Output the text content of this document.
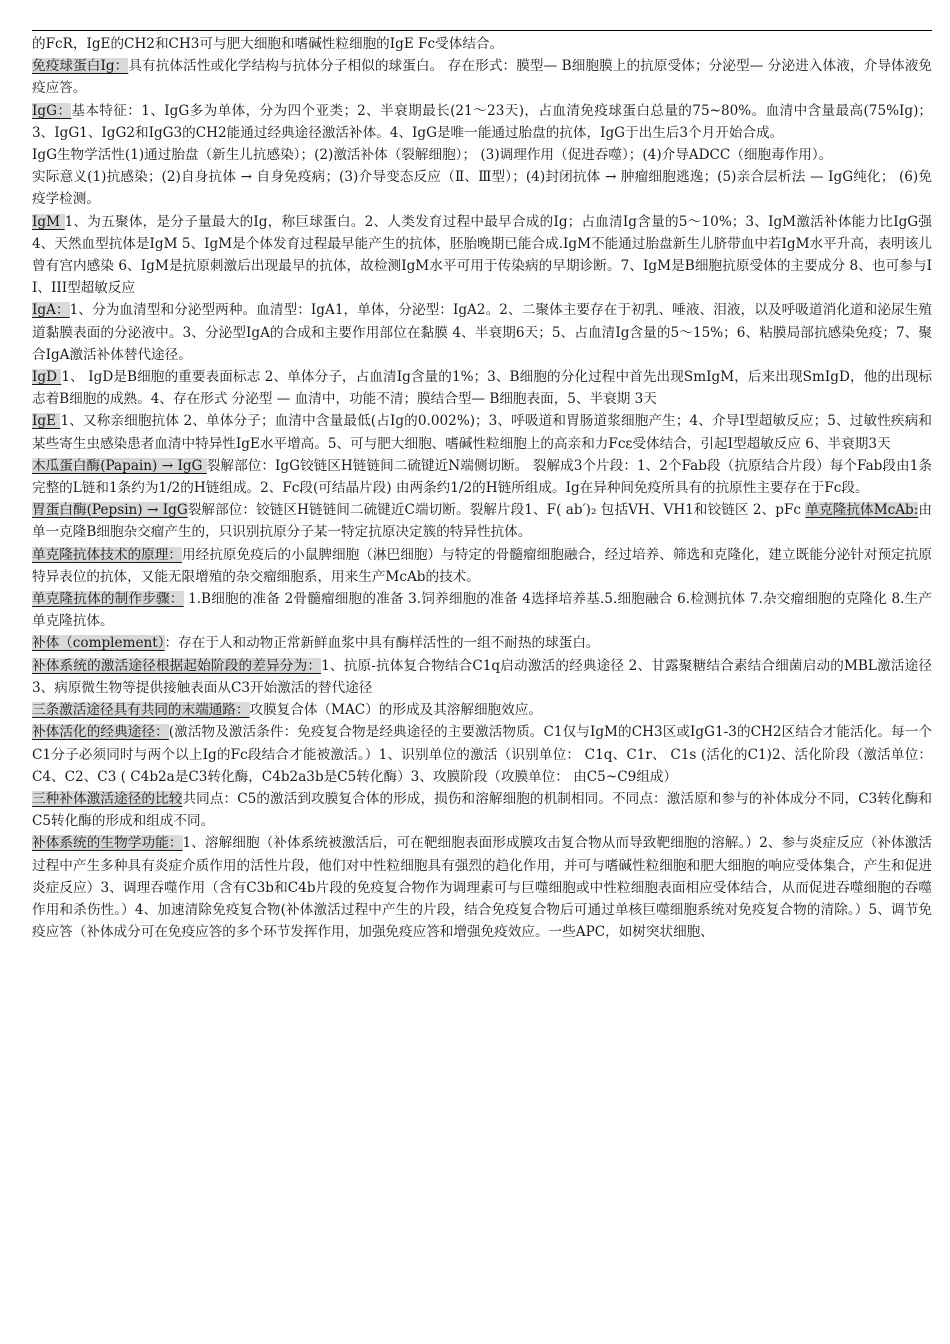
的FcR，IgE的CH2和CH3可与肥大细胞和嗜碱性粒细胞的IgE Fc受体结合。

免疫球蛋白Ig：具有抗体活性或化学结构与抗体分子相似的球蛋白。 存在形式：膜型— B细胞膜上的抗原受体；分泌型— 分泌进入体液，介导体液免疫应答。

IgG：基本特征：1、IgG多为单体，分为四个亚类；2、半衰期最长(21～23天)，占血清免疫球蛋白总量的75~80%。血清中含量最高(75%Ig)；3、IgG1、IgG2和IgG3的CH2能通过经典途径激活补体。4、IgG是唯一能通过胎盘的抗体，IgG于出生后3个月开始合成。

IgG生物学活性(1)通过胎盘（新生儿抗感染）；(2)激活补体（裂解细胞）； (3)调理作用（促进吞噬）；(4)介导ADCC（细胞毒作用）。

实际意义(1)抗感染；(2)自身抗体 → 自身免疫病；(3)介导变态反应（Ⅱ、Ⅲ型）；(4)封闭抗体 → 肿瘤细胞逃逸；(5)亲合层析法 — IgG纯化； (6)免疫学检测。

IgM 1、为五聚体，是分子量最大的Ig，称巨球蛋白。2、人类发育过程中最早合成的Ig；占血清Ig含量的5～10%；3、IgM激活补体能力比IgG强 4、天然血型抗体是IgM 5、IgM是个体发育过程最早能产生的抗体，胚胎晚期已能合成.IgM不能通过胎盘新生儿脐带血中若IgM水平升高，表明该儿曾有宫内感染 6、IgM是抗原刺激后出现最早的抗体，故检测IgM水平可用于传染病的早期诊断。7、IgM是B细胞抗原受体的主要成分 8、也可参与II、III型超敏反应

IgA：1、分为血清型和分泌型两种。血清型：IgA1，单体，分泌型：IgA2。2、二聚体主要存在于初乳、唾液、泪液，以及呼吸道消化道和泌尿生殖道黏膜表面的分泌液中。3、分泌型IgA的合成和主要作用部位在黏膜 4、半衰期6天；5、占血清Ig含量的5～15%；6、粘膜局部抗感染免疫；7、聚合IgA激活补体替代途径。

IgD 1、 IgD是B细胞的重要表面标志 2、单体分子，占血清Ig含量的1%；3、B细胞的分化过程中首先出现SmIgM，后来出现SmIgD，他的出现标志着B细胞的成熟。4、存在形式 分泌型 — 血清中，功能不清；膜结合型— B细胞表面，5、半衰期 3天

IgE 1、又称亲细胞抗体 2、单体分子；血清中含量最低(占Ig的0.002%)；3、呼吸道和胃肠道浆细胞产生；4、介导Ⅰ型超敏反应；5、过敏性疾病和某些寄生虫感染患者血清中特异性IgE水平增高。5、可与肥大细胞、嗜碱性粒细胞上的高亲和力Fcε受体结合，引起Ⅰ型超敏反应 6、半衰期3天

木瓜蛋白酶(Papain) → IgG 裂解部位：IgG铰链区H链链间二硫键近N端侧切断。 裂解成3个片段：1、2个Fab段（抗原结合片段）每个Fab段由1条完整的L链和1条约为1/2的H链组成。2、Fc段(可结晶片段) 由两条约1/2的H链所组成。Ig在异种间免疫所具有的抗原性主要存在于Fc段。

胃蛋白酶(Pepsin) → IgG裂解部位：铰链区H链链间二硫键近C端切断。裂解片段1、F( ab′)₂ 包括VH、VH1和铰链区 2、pFc 单克隆抗体McAb:由单一克隆B细胞杂交瘤产生的，只识别抗原分子某一特定抗原决定簇的特异性抗体。

单克隆抗体技术的原理：用经抗原免疫后的小鼠脾细胞（淋巴细胞）与特定的骨髓瘤细胞融合，经过培养、筛选和克隆化，建立既能分泌针对预定抗原特异表位的抗体，又能无限增殖的杂交瘤细胞系，用来生产McAb的技术。

单克隆抗体的制作步骤： 1.B细胞的准备 2骨髓瘤细胞的准备 3.饲养细胞的准备 4选择培养基.5.细胞融合 6.检测抗体 7.杂交瘤细胞的克隆化 8.生产单克隆抗体。

补体（complement）：存在于人和动物正常新鲜血浆中具有酶样活性的一组不耐热的球蛋白。

补体系统的激活途径根据起始阶段的差异分为：1、抗原-抗体复合物结合C1q启动激活的经典途径 2、甘露聚糖结合素结合细菌启动的MBL激活途径 3、病原微生物等提供接触表面从C3开始激活的替代途径

三条激活途径具有共同的末端通路：攻膜复合体（MAC）的形成及其溶解细胞效应。

补体活化的经典途径：(激活物及激活条件：免疫复合物是经典途径的主要激活物质。C1仅与IgM的CH3区或IgG1-3的CH2区结合才能活化。每一个C1分子必须同时与两个以上Ig的Fc段结合才能被激活。）1、识别单位的激活（识别单位： C1q、C1r、 C1s (活化的C1)2、活化阶段（激活单位： C4、C2、C3 ( C4b2a是C3转化酶，C4b2a3b是C5转化酶）3、攻膜阶段（攻膜单位： 由C5~C9组成）

三种补体激活途径的比较共同点：C5的激活到攻膜复合体的形成，损伤和溶解细胞的机制相同。不同点：激活原和参与的补体成分不同，C3转化酶和C5转化酶的形成和组成不同。

补体系统的生物学功能：1、溶解细胞（补体系统被激活后，可在靶细胞表面形成膜攻击复合物从而导致靶细胞的溶解。）2、参与炎症反应（补体激活过程中产生多种具有炎症介质作用的活性片段，他们对中性粒细胞具有强烈的趋化作用，并可与嗜碱性粒细胞和肥大细胞的响应受体集合，产生和促进炎症反应）3、调理吞噬作用（含有C3b和C4b片段的免疫复合物作为调理素可与巨噬细胞或中性粒细胞表面相应受体结合，从而促进吞噬细胞的吞噬作用和杀伤性。）4、加速清除免疫复合物(补体激活过程中产生的片段，结合免疫复合物后可通过单核巨噬细胞系统对免疫复合物的清除。）5、调节免疫应答（补体成分可在免疫应答的多个环节发挥作用，加强免疫应答和增强免疫效应。一些APC，如树突状细胞、
